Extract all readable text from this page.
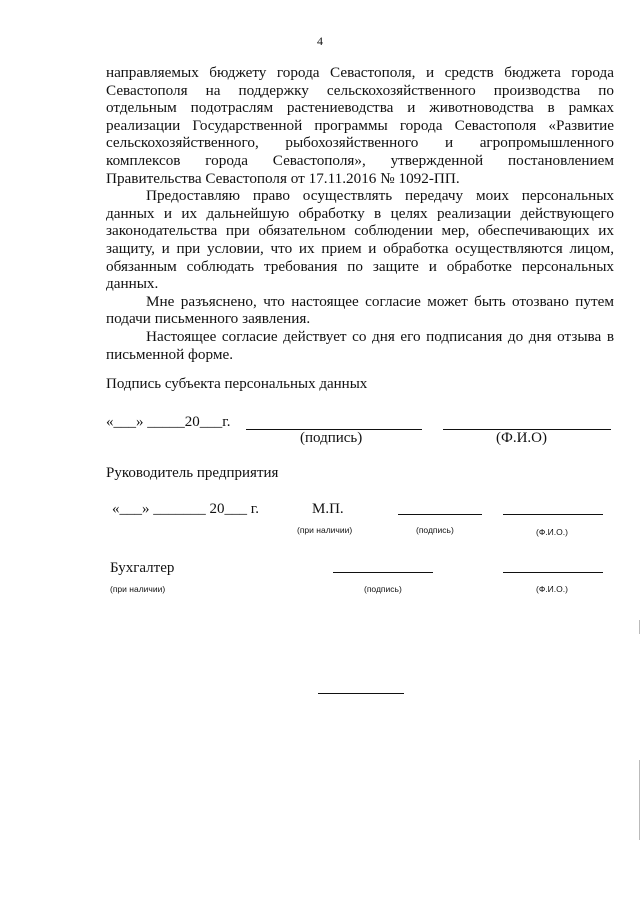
4

направляемых бюджету города Севастополя, и средств бюджета города Севастополя на поддержку сельскохозяйственного производства по отдельным подотраслям растениеводства и животноводства в рамках реализации Государственной программы города Севастополя «Развитие сельскохозяйственного, рыбохозяйственного и агропромышленного комплексов города Севастополя», утвержденной постановлением Правительства Севастополя от 17.11.2016 № 1092-ПП.

Предоставляю право осуществлять передачу моих персональных данных и их дальнейшую обработку в целях реализации действующего законодательства при обязательном соблюдении мер, обеспечивающих их защиту, и при условии, что их прием и обработка осуществляются лицом, обязанным соблюдать требования по защите и обработке персональных данных.

Мне разъяснено, что настоящее согласие может быть отозвано путем подачи письменного заявления.

Настоящее согласие действует со дня его подписания до дня отзыва в письменной форме.

Подпись субъекта персональных данных
«___» _____20___г.
(подпись)	(Ф.И.О)
Руководитель предприятия
«___» _______ 20___ г.	М.П.
(при наличии)	(подпись)	(Ф.И.О.)
Бухгалтер
(при наличии)	(подпись)	(Ф.И.О.)
